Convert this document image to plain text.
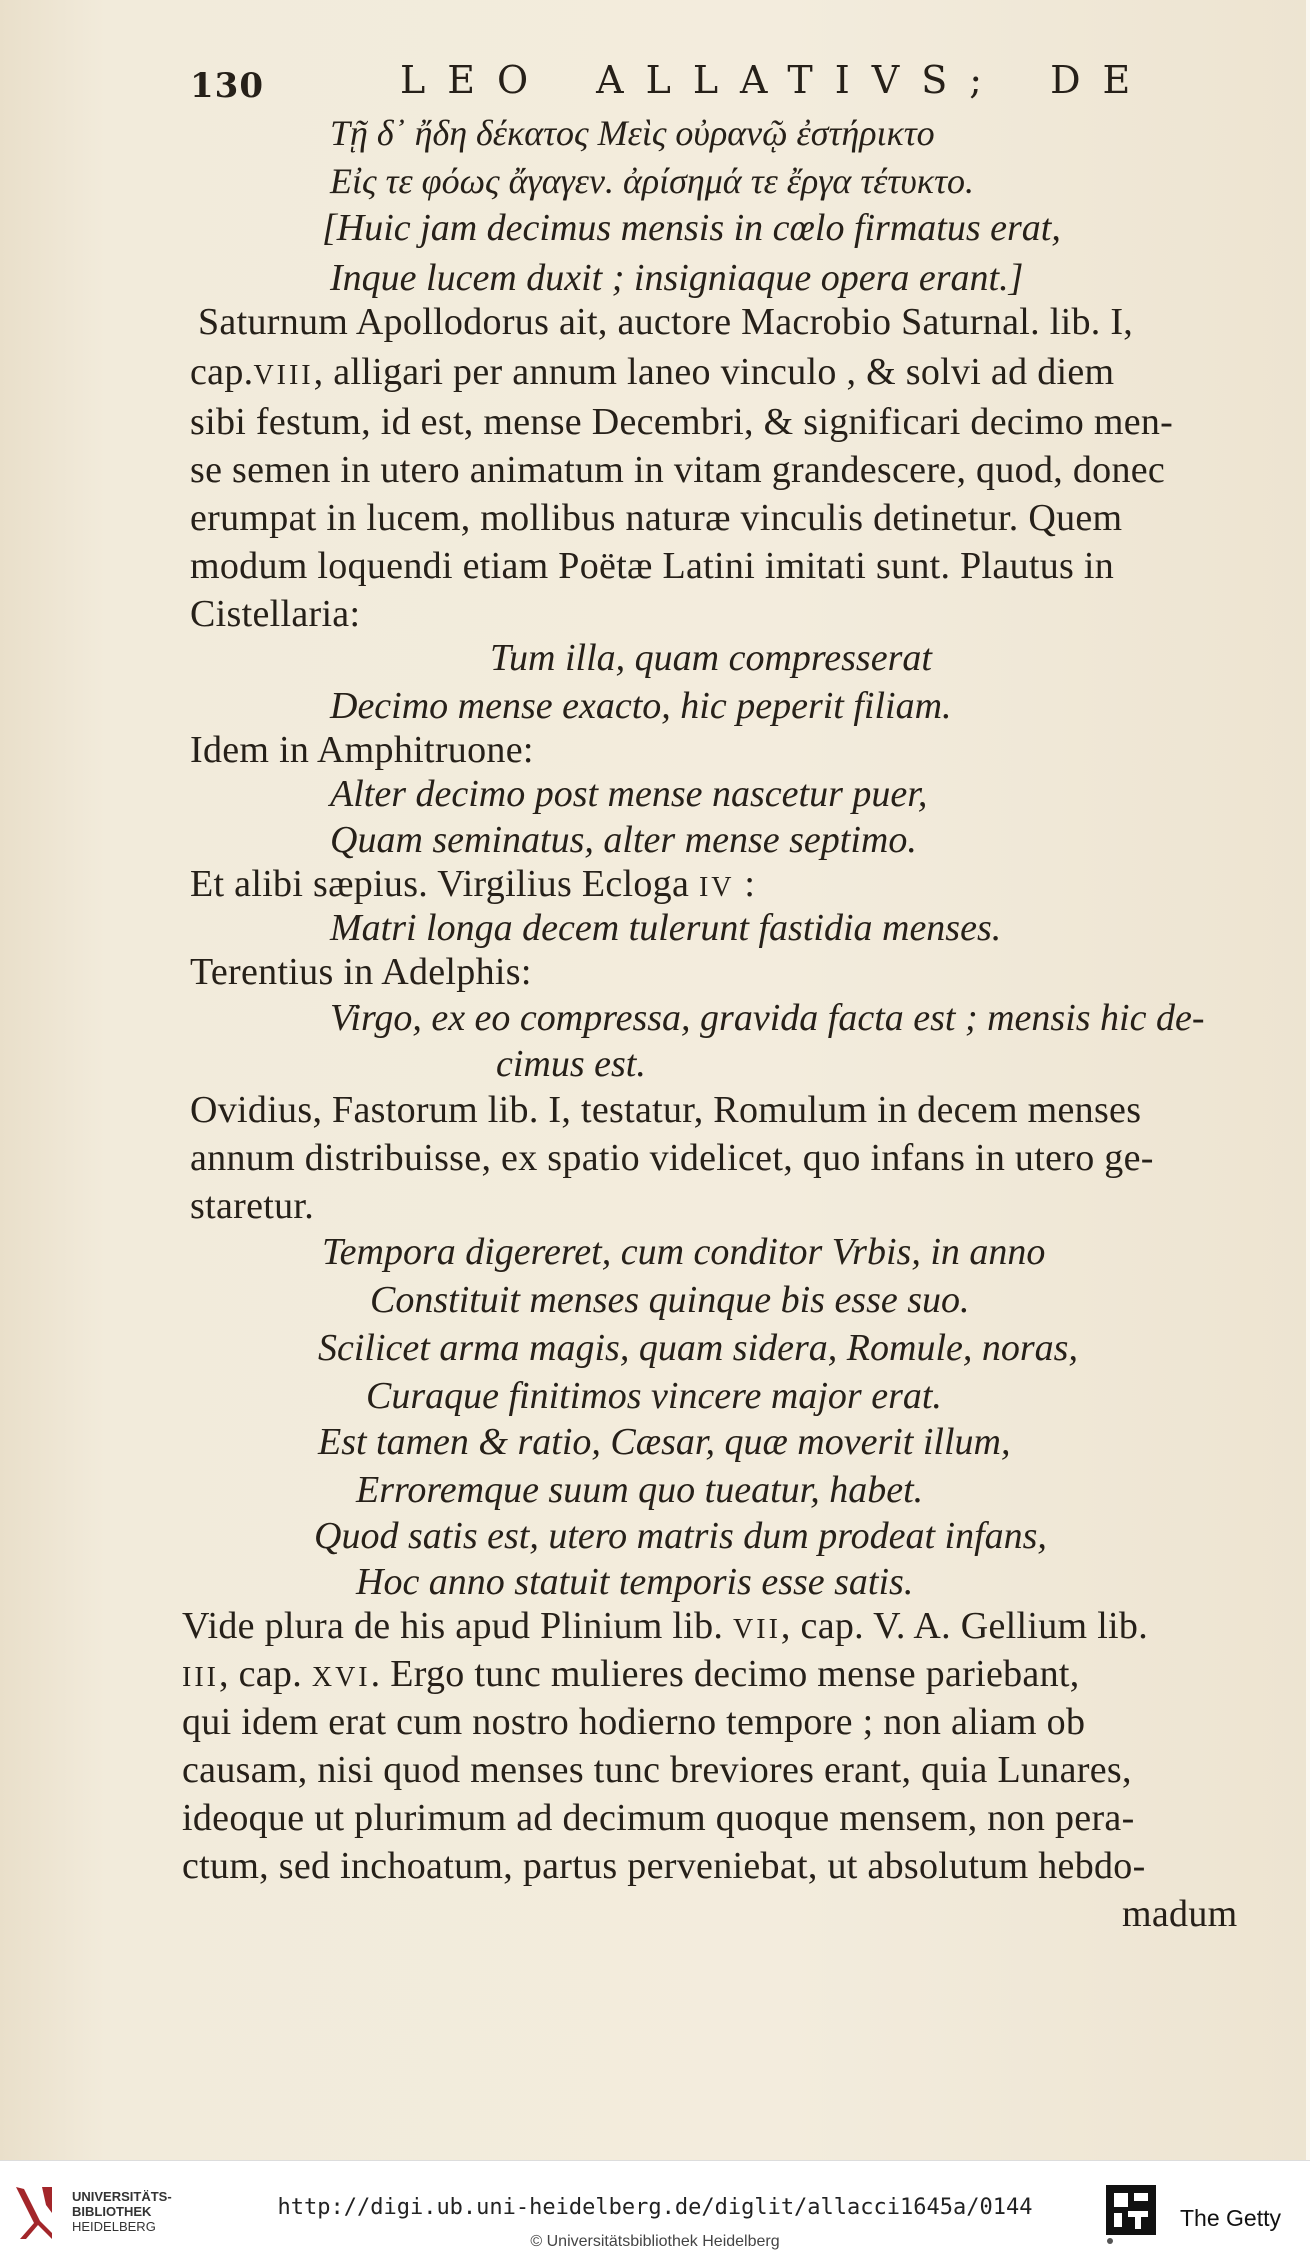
130	LEO ALLATIVS; DE
Τῇ δ᾿ ἤδη δέκατος Μεὶς οὐρανῷ ἐστήρικτο
Εἰς τε φόως ἄγαγεν. ἀρίσημά τε ἔργα τέτυκτο.
[Huic jam decimus mensis in cœlo firmatus erat,
Inque lucem duxit ; insigniaque opera erant.]
Saturnum Apollodorus ait, auctore Macrobio Saturnal. lib. I,
cap.VIII, alligari per annum laneo vinculo , & solvi ad diem
sibi festum, id est, mense Decembri, & significari decimo men-
se semen in utero animatum in vitam grandescere, quod, donec
erumpat in lucem, mollibus naturæ vinculis detinetur. Quem
modum loquendi etiam Poëtæ Latini imitati sunt. Plautus in
Cistellaria:
Tum illa, quam compresserat
Decimo mense exacto, hic peperit filiam.
Idem in Amphitruone:
Alter decimo post mense nascetur puer,
Quam seminatus, alter mense septimo.
Et alibi sæpius. Virgilius Ecloga IV :
Matri longa decem tulerunt fastidia menses.
Terentius in Adelphis:
Virgo, ex eo compressa, gravida facta est ; mensis hic de-
cimus est.
Ovidius, Fastorum lib. I, testatur, Romulum in decem menses
annum distribuisse, ex spatio videlicet, quo infans in utero ge-
staretur.
Tempora digereret, cum conditor Vrbis, in anno
Constituit menses quinque bis esse suo.
Scilicet arma magis, quam sidera, Romule, noras,
Curaque finitimos vincere major erat.
Est tamen & ratio, Cæsar, quæ moverit illum,
Erroremque suum quo tueatur, habet.
Quod satis est, utero matris dum prodeat infans,
Hoc anno statuit temporis esse satis.
Vide plura de his apud Plinium lib. VII, cap. V. A. Gellium lib.
III, cap. XVI. Ergo tunc mulieres decimo mense pariebant,
qui idem erat cum nostro hodierno tempore ; non aliam ob
causam, nisi quod menses tunc breviores erant, quia Lunares,
ideoque ut plurimum ad decimum quoque mensem, non pera-
ctum, sed inchoatum, partus perveniebat, ut absolutum hebdo-
madum
UNIVERSITÄTS-
BIBLIOTHEK
HEIDELBERG
http://digi.ub.uni-heidelberg.de/diglit/allacci1645a/0144
© Universitätsbibliothek Heidelberg
The Getty
